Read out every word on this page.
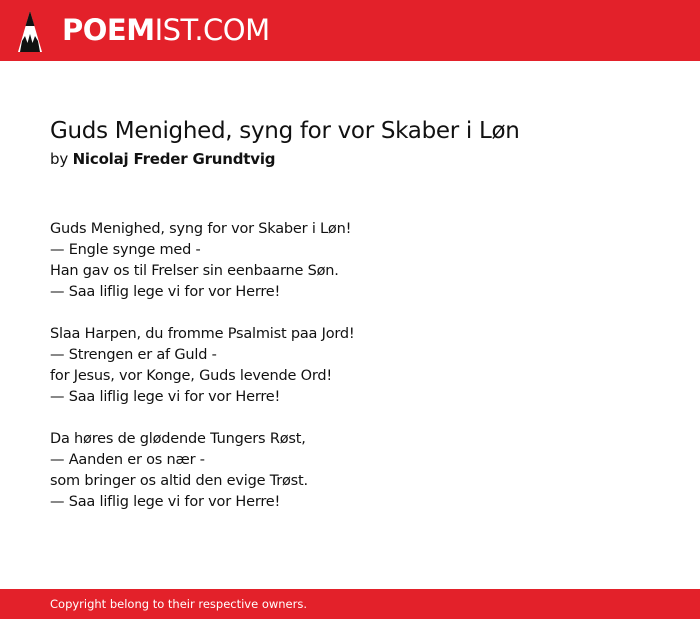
POEMIST.COM
Guds Menighed, syng for vor Skaber i Løn
by Nicolaj Freder Grundtvig
Guds Menighed, syng for vor Skaber i Løn!
— Engle synge med -
Han gav os til Frelser sin eenbaarne Søn.
— Saa liflig lege vi for vor Herre!
Slaa Harpen, du fromme Psalmist paa Jord!
— Strengen er af Guld -
for Jesus, vor Konge, Guds levende Ord!
— Saa liflig lege vi for vor Herre!
Da høres de glødende Tungers Røst,
— Aanden er os nær -
som bringer os altid den evige Trøst.
— Saa liflig lege vi for vor Herre!
Copyright belong to their respective owners.
